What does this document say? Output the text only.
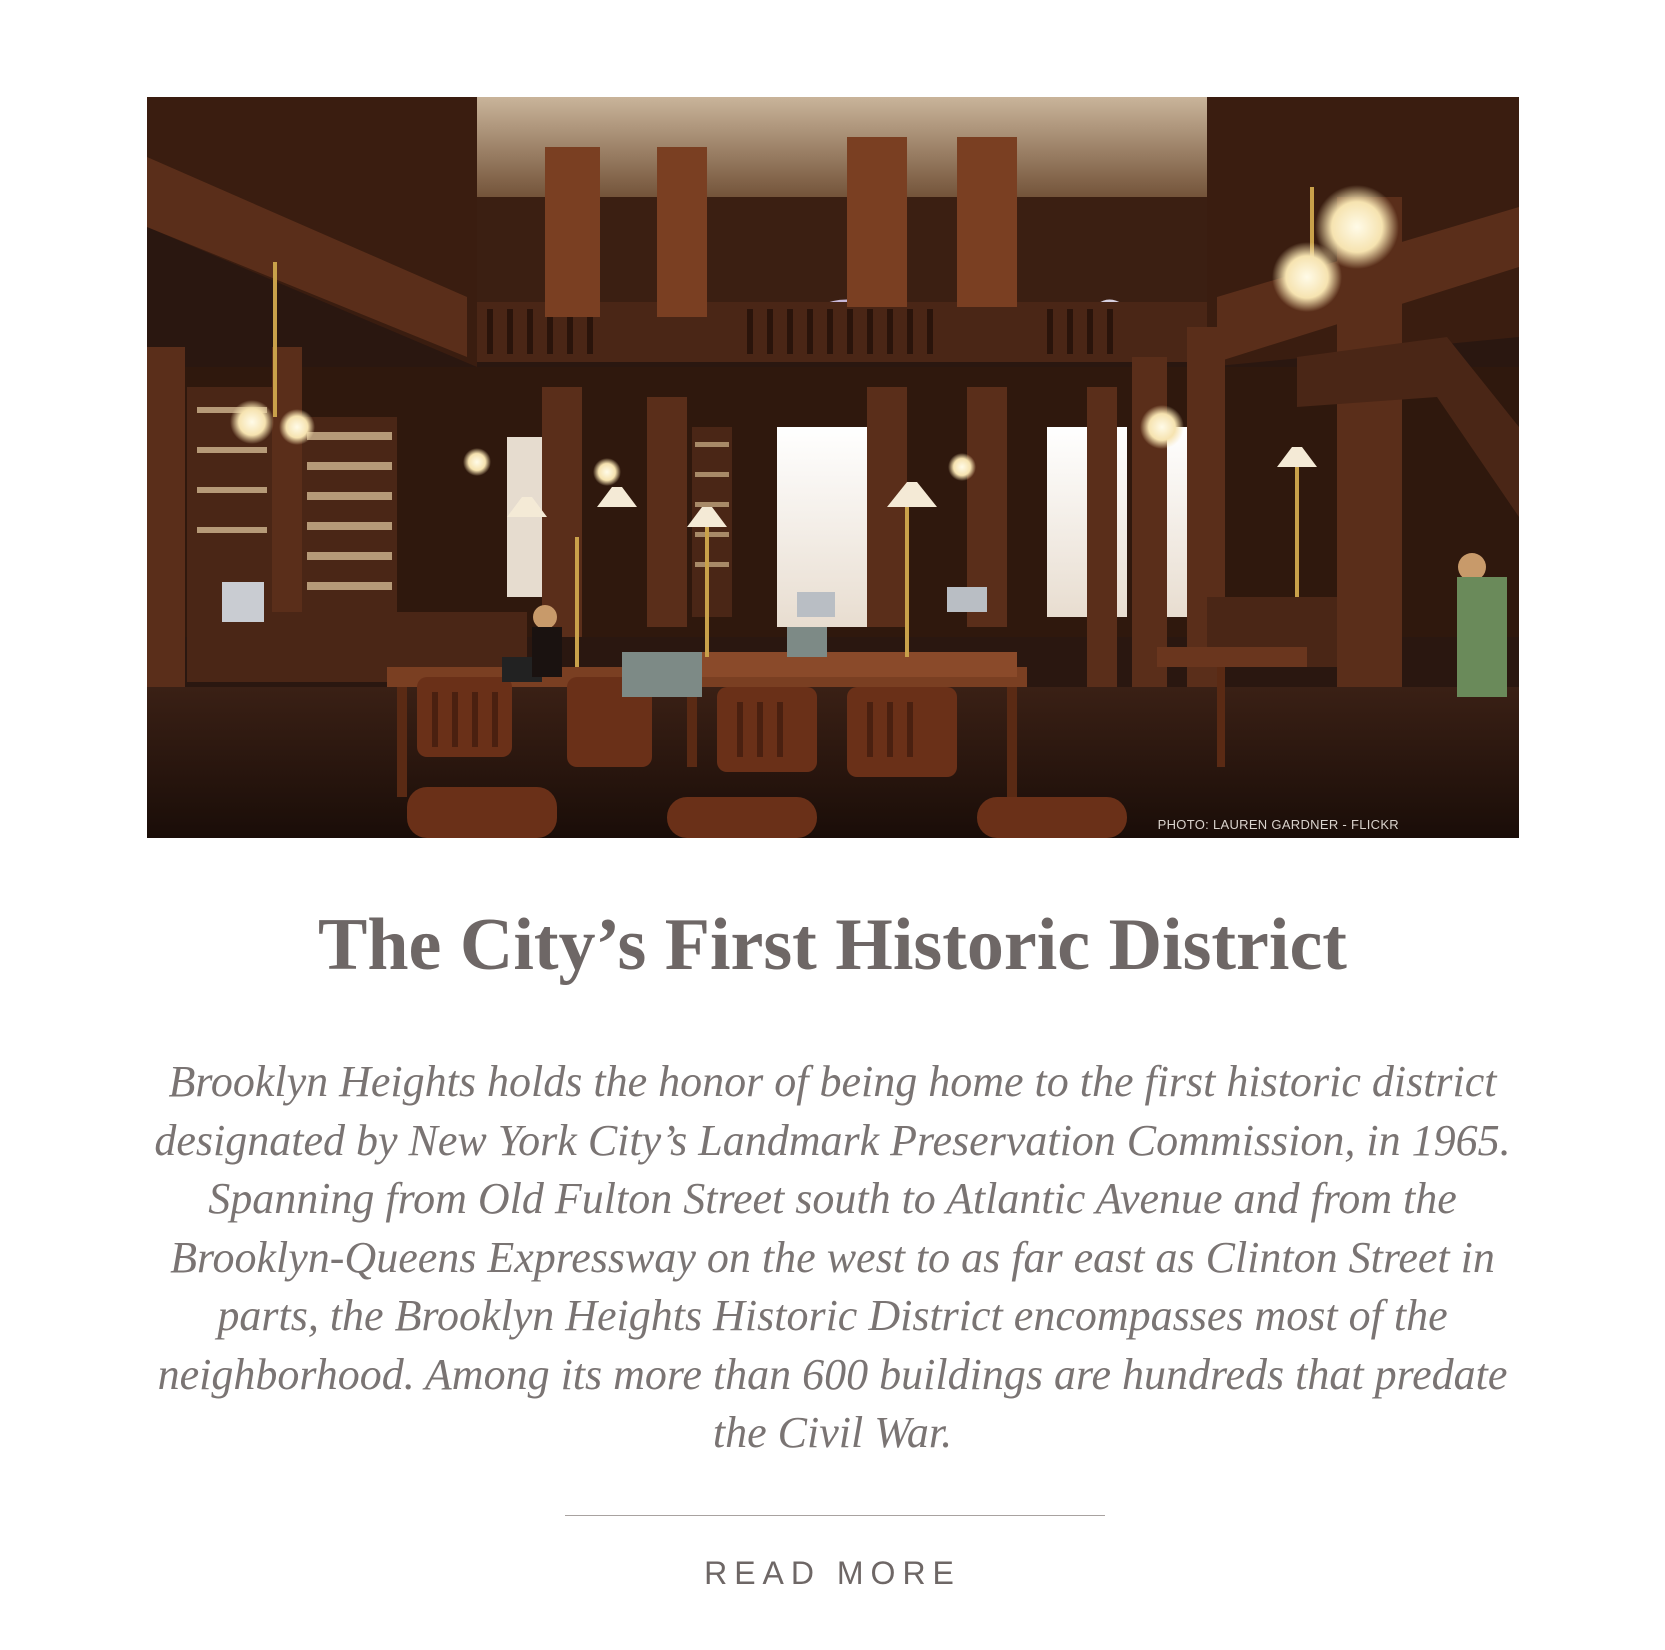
PHOTO: LAUREN GARDNER - FLICKR
The City’s First Historic District

Brooklyn Heights holds the honor of being home to the first historic district designated by New York City’s Landmark Preservation Commission, in 1965. Spanning from Old Fulton Street south to Atlantic Avenue and from the Brooklyn-Queens Expressway on the west to as far east as Clinton Street in parts, the Brooklyn Heights Historic District encompasses most of the neighborhood. Among its more than 600 buildings are hundreds that predate the Civil War.

READ MORE
